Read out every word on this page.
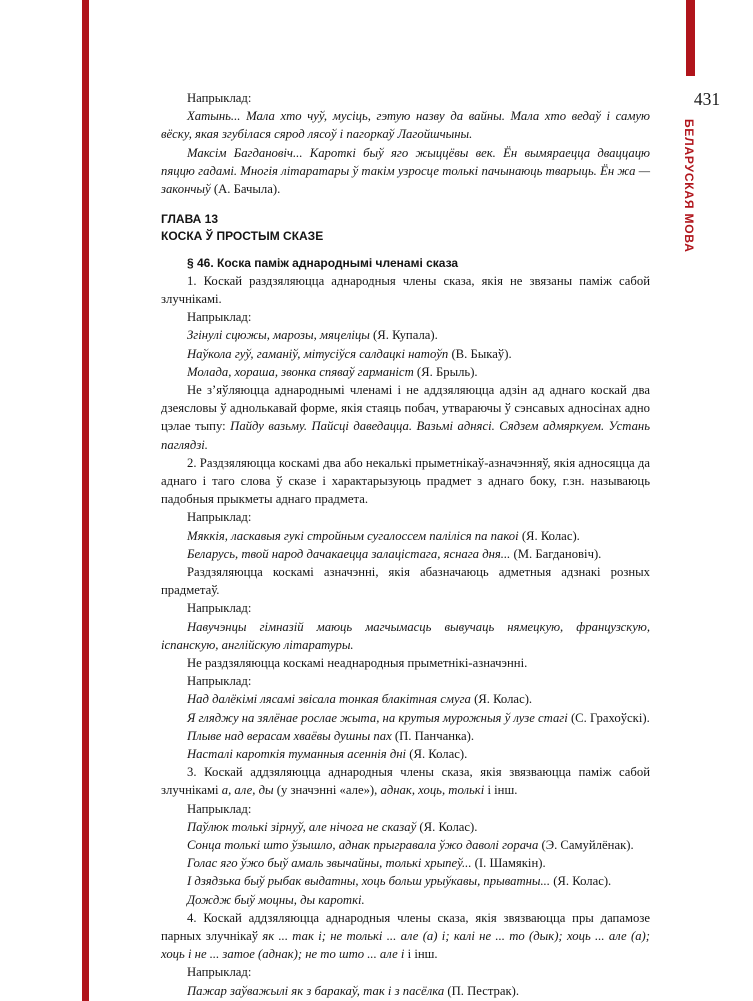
431
БЕЛАРУСКАЯ МОВА

Напрыклад:

Хатынь... Мала хто чуў, мусіць, гэтую назву да вайны. Мала хто ведаў і самую вёску, якая згубілася сярод лясоў і пагоркаў Лагойшчыны.

Максім Багдановіч... Кароткі быў яго жыццёвы век. Ён вымяраецца дваццацю пяццю гадамі. Многія літаратары ў такім узросце толькі пачынаюць тварыць. Ён жа — закончыў (А. Бачыла).

ГЛАВА 13

КОСКА Ў ПРОСТЫМ СКАЗЕ

§ 46. Коска паміж аднароднымі членамі сказа

1. Коскай раздзяляюцца аднародныя члены сказа, якія не звязаны паміж сабой злучнікамі.

Напрыклад:

Згінулі сцюжы, марозы, мяцеліцы (Я. Купала).

Наўкола гуў, гаманіў, мітусіўся салдацкі натоўп (В. Быкаў).

Молада, хораша, звонка спяваў гарманіст (Я. Брыль).

Не з’яўляюцца аднароднымі членамі і не аддзяляюцца адзін ад аднаго коскай два дзеясловы ў аднолькавай форме, якія стаяць побач, утвараючы ў сэнсавых адносінах адно цэлае тыпу: Пайду вазьму. Пайсці даведацца. Вазьмі аднясі. Сядзем адмяркуем. Устань паглядзі.

2. Раздзяляюцца коскамі два або некалькі прыметнікаў-азначэнняў, якія адносяцца да аднаго і таго слова ў сказе і характарызуюць прадмет з аднаго боку, г.зн. называюць падобныя прыкметы аднаго прадмета.

Напрыклад:

Мяккія, ласкавыя гукі стройным сугалоссем паліліся па пакоі (Я. Колас).

Беларусь, твой народ дачакаецца залацістага, яснага дня... (М. Багдановіч).

Раздзяляюцца коскамі азначэнні, якія абазначаюць адметныя адзнакі розных прадметаў.

Напрыклад:

Навучэнцы гімназій маюць магчымасць вывучаць нямецкую, французскую, іспанскую, англійскую літаратуры.

Не раздзяляюцца коскамі неаднародныя прыметнікі-азначэнні.

Напрыклад:

Над далёкімі лясамі звісала тонкая блакітная смуга (Я. Колас).

Я гляджу на зялёнае рослае жыта, на крутыя мурожныя ў лузе стагі (С. Грахоўскі).

Плыве над верасам хваёвы душны пах (П. Панчанка).

Насталі кароткія туманныя асеннія дні (Я. Колас).

3. Коскай аддзяляюцца аднародныя члены сказа, якія звязваюцца паміж сабой злучнікамі а, але, ды (у значэнні «але»), аднак, хоць, толькі і інш.

Напрыклад:

Паўлюк толькі зірнуў, але нічога не сказаў (Я. Колас).

Сонца толькі што ўзышло, аднак прыгравала ўжо даволі горача (Э. Самуйлёнак).

Голас яго ўжо быў амаль звычайны, толькі хрыпеў... (І. Шамякін).

І дзядзька быў рыбак выдатны, хоць больш урыўкавы, прыватны... (Я. Колас).

Дождж быў моцны, ды кароткі.

4. Коскай аддзяляюцца аднародныя члены сказа, якія звязваюцца пры дапамозе парных злучнікаў як ... так і; не толькі ... але (а) і; калі не ... то (дык); хоць ... але (а); хоць і не ... затое (аднак); не то што ... але і і інш.

Напрыклад:

Пажар заўважылі як з баракаў, так і з пасёлка (П. Пестрак).
